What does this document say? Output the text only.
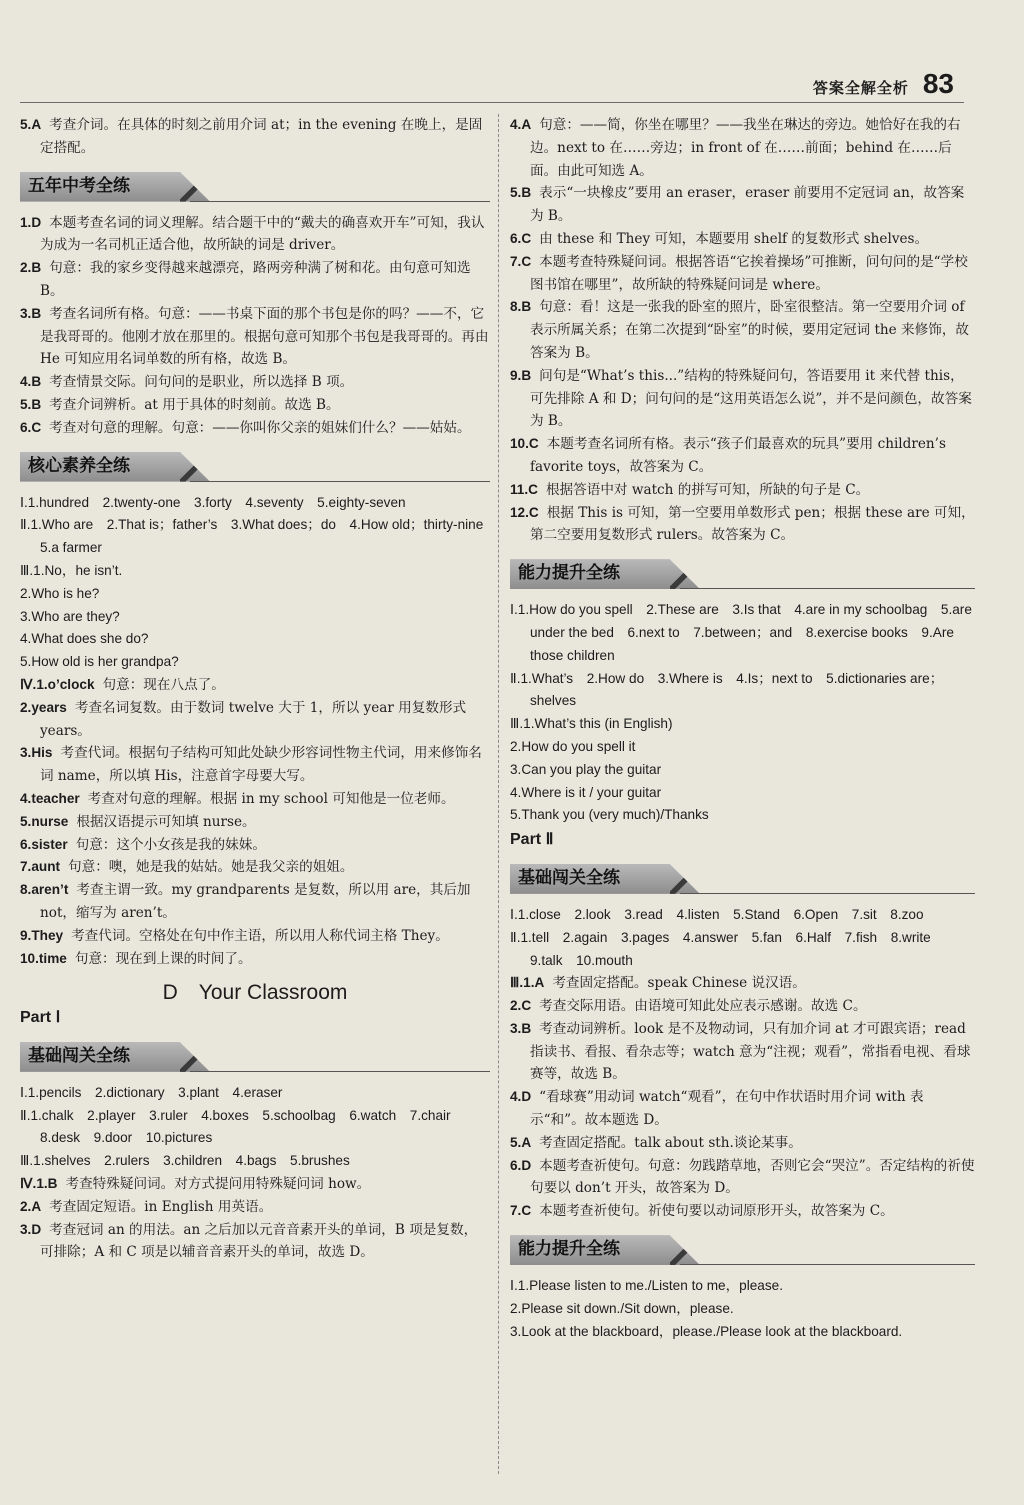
答案全解全析 83

5.A 考查介词。在具体的时刻之前用介词 at；in the evening 在晚上，是固定搭配。

五年中考全练

1.D 本题考查名词的词义理解。结合题干中的“戴夫的确喜欢开车”可知，我认为成为一名司机正适合他，故所缺的词是 driver。

2.B 句意：我的家乡变得越来越漂亮，路两旁种满了树和花。由句意可知选 B。

3.B 考查名词所有格。句意：——书桌下面的那个书包是你的吗？——不，它是我哥哥的。他刚才放在那里的。根据句意可知那个书包是我哥哥的。再由 He 可知应用名词单数的所有格，故选 B。

4.B 考查情景交际。问句问的是职业，所以选择 B 项。

5.B 考查介词辨析。at 用于具体的时刻前。故选 B。

6.C 考查对句意的理解。句意：——你叫你父亲的姐妹们什么？——姑姑。

核心素养全练

Ⅰ.1.hundred　2.twenty-one　3.forty　4.seventy　5.eighty-seven

Ⅱ.1.Who are　2.That is；father’s　3.What does；do　4.How old；thirty-nine　5.a farmer

Ⅲ.1.No，he isn’t.

2.Who is he?

3.Who are they?

4.What does she do?

5.How old is her grandpa?

Ⅳ.1.o’clock 句意：现在八点了。

2.years 考查名词复数。由于数词 twelve 大于 1，所以 year 用复数形式 years。

3.His 考查代词。根据句子结构可知此处缺少形容词性物主代词，用来修饰名词 name，所以填 His，注意首字母要大写。

4.teacher 考查对句意的理解。根据 in my school 可知他是一位老师。

5.nurse 根据汉语提示可知填 nurse。

6.sister 句意：这个小女孩是我的妹妹。

7.aunt 句意：噢，她是我的姑姑。她是我父亲的姐姐。

8.aren’t 考查主谓一致。my grandparents 是复数，所以用 are，其后加 not，缩写为 aren’t。

9.They 考查代词。空格处在句中作主语，所以用人称代词主格 They。

10.time 句意：现在到上课的时间了。

D　Your Classroom
Part Ⅰ
基础闯关全练

Ⅰ.1.pencils　2.dictionary　3.plant　4.eraser

Ⅱ.1.chalk　2.player　3.ruler　4.boxes　5.schoolbag　6.watch　7.chair　8.desk　9.door　10.pictures

Ⅲ.1.shelves　2.rulers　3.children　4.bags　5.brushes

Ⅳ.1.B 考查特殊疑问词。对方式提问用特殊疑问词 how。

2.A 考查固定短语。in English 用英语。

3.D 考查冠词 an 的用法。an 之后加以元音音素开头的单词，B 项是复数，可排除；A 和 C 项是以辅音音素开头的单词，故选 D。

4.A 句意：——简，你坐在哪里？——我坐在琳达的旁边。她恰好在我的右边。next to 在……旁边；in front of 在……前面；behind 在……后面。由此可知选 A。

5.B 表示“一块橡皮”要用 an eraser，eraser 前要用不定冠词 an，故答案为 B。

6.C 由 these 和 They 可知，本题要用 shelf 的复数形式 shelves。

7.C 本题考查特殊疑问词。根据答语“它挨着操场”可推断，问句问的是“学校图书馆在哪里”，故所缺的特殊疑问词是 where。

8.B 句意：看！这是一张我的卧室的照片，卧室很整洁。第一空要用介词 of 表示所属关系；在第二次提到“卧室”的时候，要用定冠词 the 来修饰，故答案为 B。

9.B 问句是“What’s this...”结构的特殊疑问句，答语要用 it 来代替 this，可先排除 A 和 D；问句问的是“这用英语怎么说”，并不是问颜色，故答案为 B。

10.C 本题考查名词所有格。表示“孩子们最喜欢的玩具”要用 children’s favorite toys，故答案为 C。

11.C 根据答语中对 watch 的拼写可知，所缺的句子是 C。

12.C 根据 This is 可知，第一空要用单数形式 pen；根据 these are 可知，第二空要用复数形式 rulers。故答案为 C。

能力提升全练

Ⅰ.1.How do you spell　2.These are　3.Is that　4.are in my schoolbag　5.are under the bed　6.next to　7.between；and　8.exercise books　9.Are those children

Ⅱ.1.What’s　2.How do　3.Where is　4.Is；next to　5.dictionaries are；shelves

Ⅲ.1.What’s this (in English)

2.How do you spell it

3.Can you play the guitar

4.Where is it / your guitar

5.Thank you (very much)/Thanks

Part Ⅱ
基础闯关全练

Ⅰ.1.close　2.look　3.read　4.listen　5.Stand　6.Open　7.sit　8.zoo

Ⅱ.1.tell　2.again　3.pages　4.answer　5.fan　6.Half　7.fish　8.write　9.talk　10.mouth

Ⅲ.1.A 考查固定搭配。speak Chinese 说汉语。

2.C 考查交际用语。由语境可知此处应表示感谢。故选 C。

3.B 考查动词辨析。look 是不及物动词，只有加介词 at 才可跟宾语；read 指读书、看报、看杂志等；watch 意为“注视；观看”，常指看电视、看球赛等，故选 B。

4.D “看球赛”用动词 watch“观看”，在句中作状语时用介词 with 表示“和”。故本题选 D。

5.A 考查固定搭配。talk about sth.谈论某事。

6.D 本题考查祈使句。句意：勿践踏草地，否则它会“哭泣”。否定结构的祈使句要以 don’t 开头，故答案为 D。

7.C 本题考查祈使句。祈使句要以动词原形开头，故答案为 C。

能力提升全练

Ⅰ.1.Please listen to me./Listen to me，please.

2.Please sit down./Sit down，please.

3.Look at the blackboard，please./Please look at the blackboard.
